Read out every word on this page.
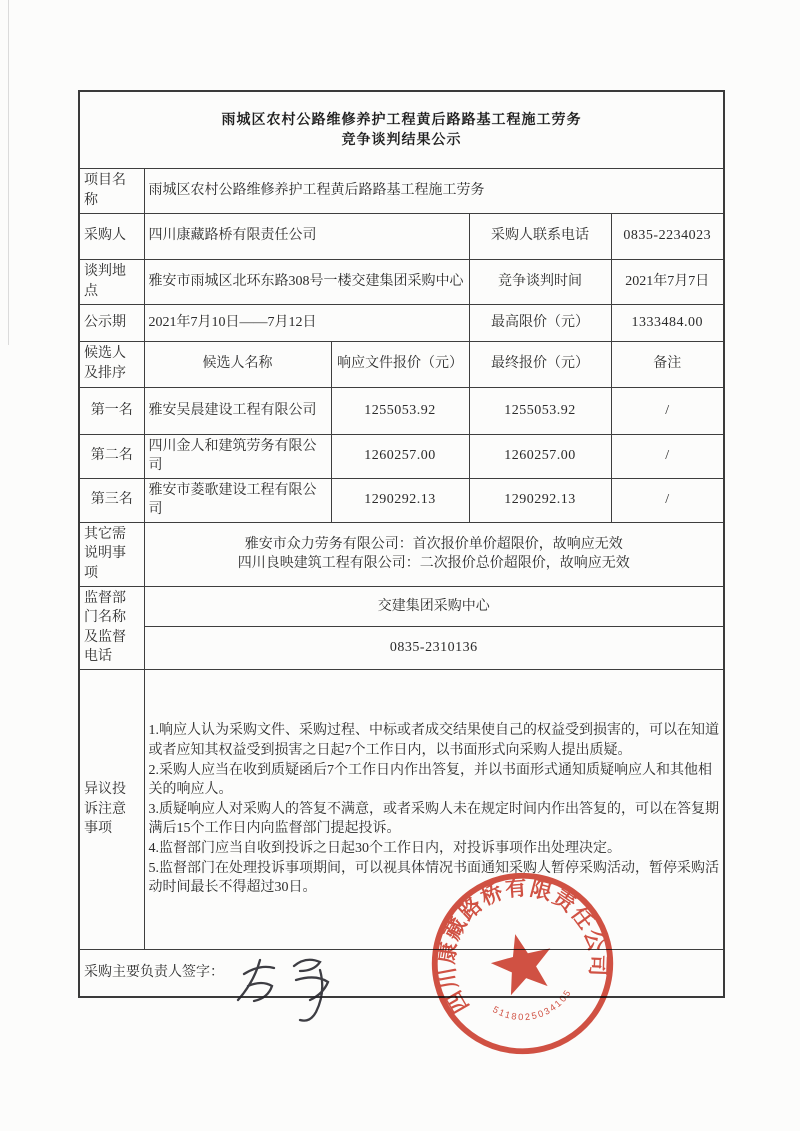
雨城区农村公路维修养护工程黄后路路基工程施工劳务
竞争谈判结果公示				

项目名称	雨城区农村公路维修养护工程黄后路路基工程施工劳务			
采购人	四川康藏路桥有限责任公司		采购人联系电话	0835-2234023
谈判地点	雅安市雨城区北环东路308号一楼交建集团采购中心		竞争谈判时间	2021年7月7日
公示期	2021年7月10日——7月12日		最高限价（元）	1333484.00
候选人及排序	候选人名称	响应文件报价（元）	最终报价（元）	备注
第一名	雅安吴晨建设工程有限公司	1255053.92	1255053.92	/
第二名	四川金人和建筑劳务有限公司	1260257.00	1260257.00	/
第三名	雅安市菱歌建设工程有限公司	1290292.13	1290292.13	/
其它需说明事项	雅安市众力劳务有限公司：首次报价单价超限价，故响应无效

四川良映建筑工程有限公司：二次报价总价超限价，故响应无效			

监督部门名称及监督电话	交建集团采购中心			
	0835-2310136			
异议投诉注意事项	1.响应人认为采购文件、采购过程、中标或者成交结果使自己的权益受到损害的，可以在知道或者应知其权益受到损害之日起7个工作日内，以书面形式向采购人提出质疑。

2.采购人应当在收到质疑函后7个工作日内作出答复，并以书面形式通知质疑响应人和其他相关的响应人。

3.质疑响应人对采购人的答复不满意，或者采购人未在规定时间内作出答复的，可以在答复期满后15个工作日内向监督部门提起投诉。

4.监督部门应当自收到投诉之日起30个工作日内，对投诉事项作出处理决定。

5.监督部门在处理投诉事项期间，可以视具体情况书面通知采购人暂停采购活动，暂停采购活动时间最长不得超过30日。			

采购主要负责人签字：				
四川康藏路桥有限责任公司
5118025034105
